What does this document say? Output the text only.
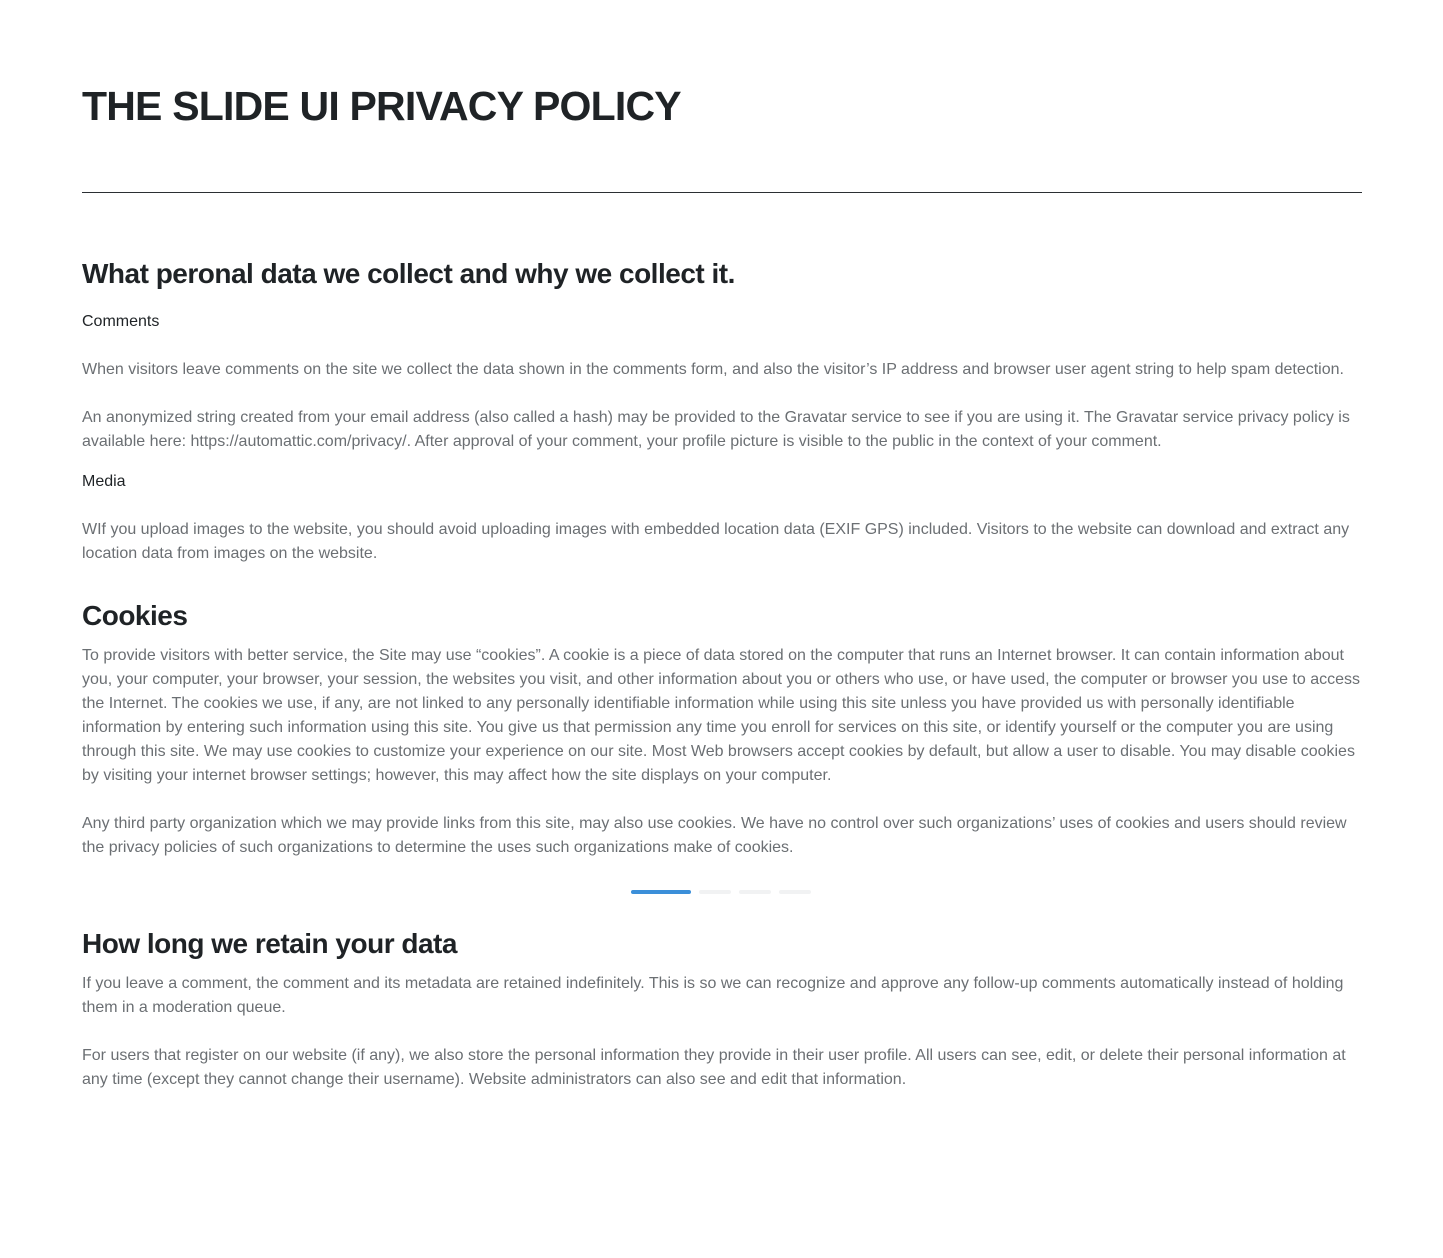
THE SLIDE UI PRIVACY POLICY
What peronal data we collect and why we collect it.

Comments

When visitors leave comments on the site we collect the data shown in the comments form, and also the visitor’s IP address and browser user agent string to help spam detection.

An anonymized string created from your email address (also called a hash) may be provided to the Gravatar service to see if you are using it. The Gravatar service privacy policy is available here: https://automattic.com/privacy/. After approval of your comment, your profile picture is visible to the public in the context of your comment.

Media

WIf you upload images to the website, you should avoid uploading images with embedded location data (EXIF GPS) included. Visitors to the website can download and extract any location data from images on the website.

Cookies

To provide visitors with better service, the Site may use “cookies”. A cookie is a piece of data stored on the computer that runs an Internet browser. It can contain information about you, your computer, your browser, your session, the websites you visit, and other information about you or others who use, or have used, the computer or browser you use to access the Internet. The cookies we use, if any, are not linked to any personally identifiable information while using this site unless you have provided us with personally identifiable information by entering such information using this site. You give us that permission any time you enroll for services on this site, or identify yourself or the computer you are using through this site. We may use cookies to customize your experience on our site. Most Web browsers accept cookies by default, but allow a user to disable. You may disable cookies by visiting your internet browser settings; however, this may affect how the site displays on your computer.

Any third party organization which we may provide links from this site, may also use cookies. We have no control over such organizations’ uses of cookies and users should review the privacy policies of such organizations to determine the uses such organizations make of cookies.

How long we retain your data

If you leave a comment, the comment and its metadata are retained indefinitely. This is so we can recognize and approve any follow-up comments automatically instead of holding them in a moderation queue.

For users that register on our website (if any), we also store the personal information they provide in their user profile. All users can see, edit, or delete their personal information at any time (except they cannot change their username). Website administrators can also see and edit that information.
